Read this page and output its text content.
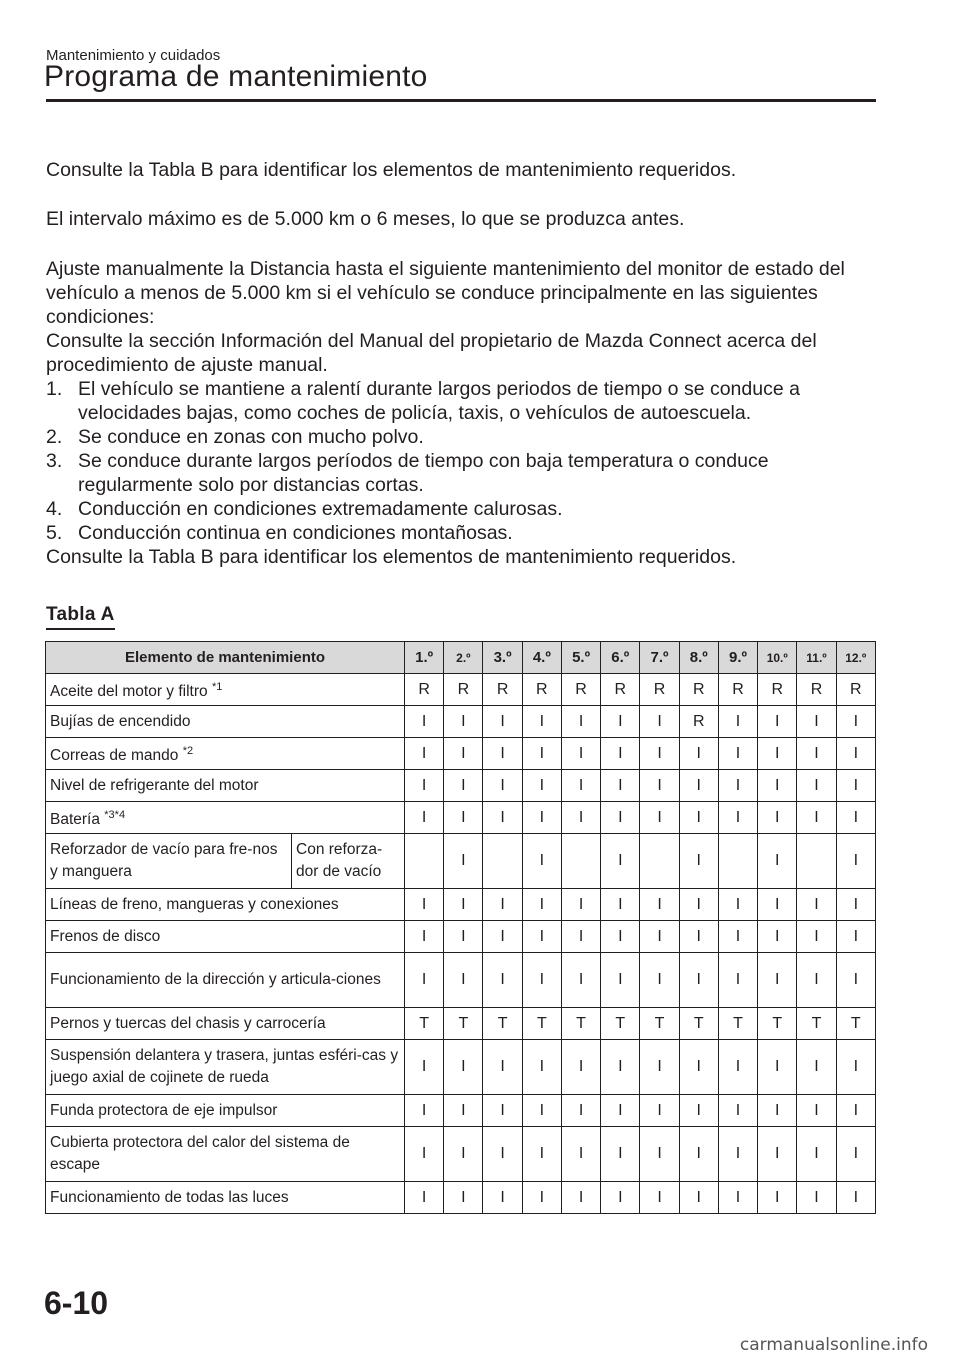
Mantenimiento y cuidados
Programa de mantenimiento

Consulte la Tabla B para identificar los elementos de mantenimiento requeridos.

El intervalo máximo es de 5.000 km o 6 meses, lo que se produzca antes.

Ajuste manualmente la Distancia hasta el siguiente mantenimiento del monitor de estado del vehículo a menos de 5.000 km si el vehículo se conduce principalmente en las siguientes condiciones:

Consulte la sección Información del Manual del propietario de Mazda Connect acerca del procedimiento de ajuste manual.

1. El vehículo se mantiene a ralentí durante largos periodos de tiempo o se conduce a velocidades bajas, como coches de policía, taxis, o vehículos de autoescuela.
2. Se conduce en zonas con mucho polvo.
3. Se conduce durante largos períodos de tiempo con baja temperatura o conduce regularmente solo por distancias cortas.
4. Conducción en condiciones extremadamente calurosas.
5. Conducción continua en condiciones montañosas.

Consulte la Tabla B para identificar los elementos de mantenimiento requeridos.

Tabla A
Elemento de mantenimiento		1.º	2.º	3.º	4.º	5.º	6.º	7.º	8.º	9.º	10.º	11.º	12.º
Aceite del motor y filtro $^{*1}$		R	R	R	R	R	R	R	R	R	R	R	R
Bujías de encendido		I	I	I	I	I	I	I	R	I	I	I	I
Correas de mando $^{*2}$		I	I	I	I	I	I	I	I	I	I	I	I
Nivel de refrigerante del motor		I	I	I	I	I	I	I	I	I	I	I	I
Batería $^{*3*4}$		I	I	I	I	I	I	I	I	I	I	I	I
Reforzador de vacío para fre-nos y manguera	Con reforza-dor de vacío		I		I		I		I		I		I
Líneas de freno, mangueras y conexiones		I	I	I	I	I	I	I	I	I	I	I	I
Frenos de disco		I	I	I	I	I	I	I	I	I	I	I	I
Funcionamiento de la dirección y articula-ciones		I	I	I	I	I	I	I	I	I	I	I	I
Pernos y tuercas del chasis y carrocería		T	T	T	T	T	T	T	T	T	T	T	T
Suspensión delantera y trasera, juntas esféri-cas y juego axial de cojinete de rueda		I	I	I	I	I	I	I	I	I	I	I	I
Funda protectora de eje impulsor		I	I	I	I	I	I	I	I	I	I	I	I
Cubierta protectora del calor del sistema de escape		I	I	I	I	I	I	I	I	I	I	I	I
Funcionamiento de todas las luces		I	I	I	I	I	I	I	I	I	I	I	I
6-10
carmanualsonline.info
